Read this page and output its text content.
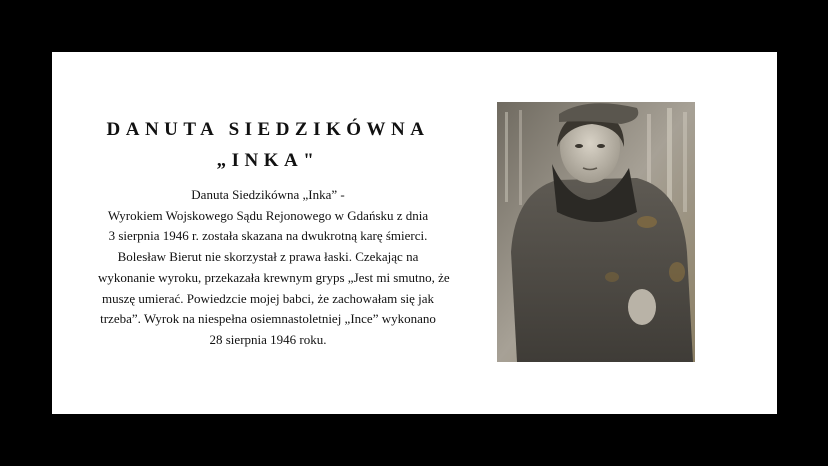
DANUTA SIEDZIKÓWNA
„INKA"
Danuta Siedzikówna „Inka” -
Wyrokiem Wojskowego Sądu Rejonowego w Gdańsku z dnia
3 sierpnia 1946 r. została skazana na dwukrotną karę śmierci.
Bolesław Bierut nie skorzystał z prawa łaski. Czekając na
wykonanie wyroku, przekazała krewnym gryps „Jest mi smutno, że
muszę umierać. Powiedzcie mojej babci, że zachowałam się jak
trzeba”. Wyrok na niespełna osiemnastoletniej „Ince” wykonano
28 sierpnia 1946 roku.
